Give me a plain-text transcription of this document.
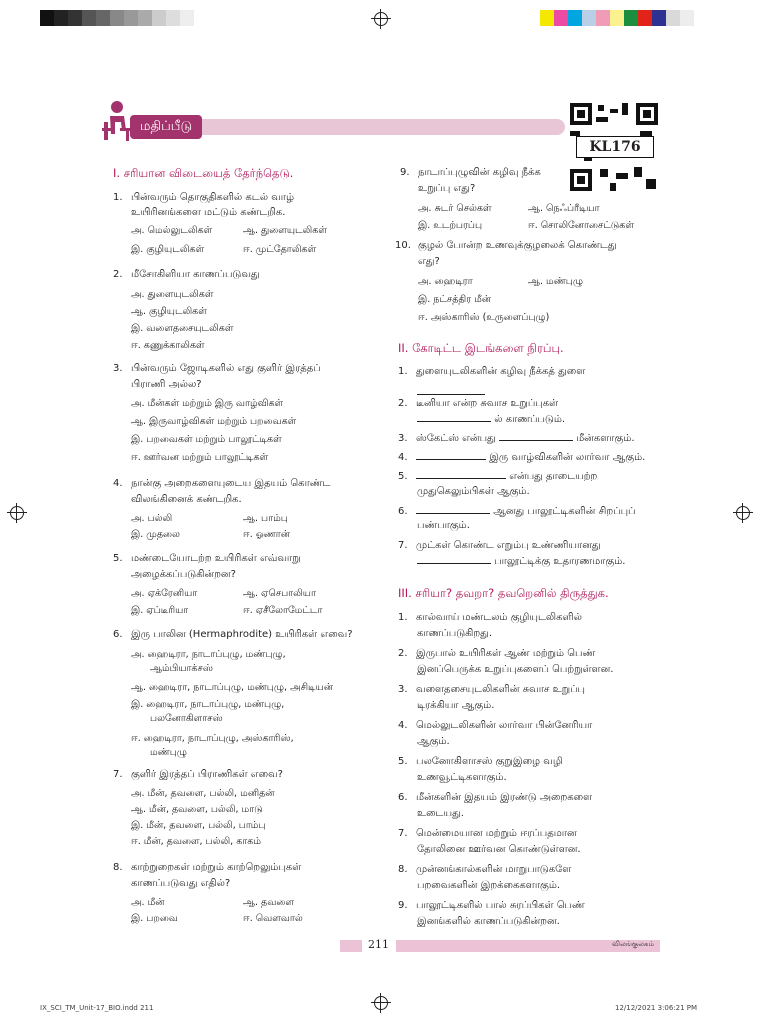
மதிப்பீடு
KL176
I. சரியான விடையைத் தேர்ந்தெடு.
1. பின்வரும் தொகுதிகளில் கடல் வாழ்
உயிரினங்களை மட்டும் கண்டறிக.
அ. மெல்லுடலிகள்	ஆ. துளையுடலிகள்
இ. குழியுடலிகள்	ஈ. முட்தோலிகள்
2. மீசோகிளியா காணப்படுவது
அ. துளையுடலிகள்
ஆ. குழியுடலிகள்
இ. வளைதசையுடலிகள்
ஈ. கணுக்காலிகள்
3. பின்வரும் ஜோடிகளில் எது குளிர் இரத்தப்
பிராணி அல்ல?
அ. மீன்கள் மற்றும் இரு வாழ்விகள்
ஆ. இருவாழ்விகள் மற்றும் பறவைகள்
இ. பறவைகள் மற்றும் பாலூட்டிகள்
ஈ. ஊர்வன மற்றும் பாலூட்டிகள்
4. நான்கு அறைகளையுடைய இதயம் கொண்ட
விலங்கினைக் கண்டறிக.
அ. பல்லி	ஆ. பாம்பு
இ. முதலை	ஈ. ஓணான்
5. மண்டையோடற்ற உயிரிகள் எவ்வாறு
அழைக்கப்படுகின்றன?
அ. ஏக்ரேனியா	ஆ. ஏசெபாலியா
இ. ஏப்டீரியா	ஈ. ஏசீலோமேட்டா
6. இரு பாலின (Hermaphrodite) உயிரிகள் எவை?
அ. ஹைடிரா, நாடாப்புழு, மண்புழு,
ஆம்பியாக்சஸ்
ஆ. ஹைடிரா, நாடாப்புழு, மண்புழு, அசிடியன்
இ. ஹைடிரா, நாடாப்புழு, மண்புழு,
பலனோகிளாசஸ்
ஈ. ஹைடிரா, நாடாப்புழு, அஸ்காரிஸ்,
மண்புழு
7. குளிர் இரத்தப் பிராணிகள் எவை?
அ. மீன், தவளை, பல்லி, மனிதன்
ஆ. மீன், தவளை, பல்லி, மாடு
இ. மீன், தவளை, பல்லி, பாம்பு
ஈ. மீன், தவளை, பல்லி, காகம்
8. காற்றுறைகள் மற்றும் காற்றெலும்புகள்
காணப்படுவது எதில்?
அ. மீன்	ஆ. தவளை
இ. பறவை	ஈ. வௌவால்
9. நாடாப்புழுவின் கழிவு நீக்க
உறுப்பு எது?
அ. சுடர் செல்கள்	ஆ. நெஃப்ரீடியா
இ. உடற்பரப்பு	ஈ. சொலினோசைட்டுகள்
10. குழல் போன்ற உணவுக்குழலைக் கொண்டது
எது?
அ. ஹைடிரா	ஆ. மண்புழு
இ. நட்சத்திர மீன்
ஈ. அஸ்காரிஸ் (உருளைப்புழு)
II. கோடிட்ட இடங்களை நிரப்பு.
1. துளையுடலிகளின் கழிவு நீக்கத் துளை
2. டீனியா என்ற சுவாச உறுப்புகள்
ல் காணப்படும்.
3. ஸ்கேட்ஸ் என்பது	மீன்களாகும்.
4.	இரு வாழ்விகளின் லார்வா ஆகும்.
5.	என்பது தாடையற்ற
முதுகெலும்பிகள் ஆகும்.
6.	ஆனது பாலூட்டிகளின் சிறப்புப்
பண்பாகும்.
7. முட்கள் கொண்ட எறும்பு உண்ணியானது
பாலூட்டிக்கு உதாரணமாகும்.
III. சரியா? தவறா? தவறெனில் திருத்துக.
1. கால்வாய் மண்டலம் குழியுடலிகளில்
காணப்படுகிறது.
2. இருபால் உயிரிகள் ஆண் மற்றும் பெண்
இனப்பெருக்க உறுப்புகளைப் பெற்றுள்ளன.
3. வளைதசையுடலிகளின் சுவாச உறுப்பு
டிரக்கியா ஆகும்.
4. மெல்லுடலிகளின் லார்வா பின்னேரியா
ஆகும்.
5. பலனோகிளாசஸ் குறுஇழை வழி
உணவூட்டிகளாகும்.
6. மீன்களின் இதயம் இரண்டு அறைகளை
உடையது.
7. மென்மையான மற்றும் ஈரப்பதமான
தோலினை ஊர்வன கொண்டுள்ளன.
8. முன்னங்கால்களின் மாறுபாடுகளே
பறவைகளின் இறக்கைகளாகும்.
9. பாலூட்டிகளில் பால் சுரப்பிகள் பெண்
இனங்களில் காணப்படுகின்றன.
211	விலங்குலகம்
IX_SCI_TM_Unit-17_BIO.indd 211	12/12/2021 3:06:21 PM
